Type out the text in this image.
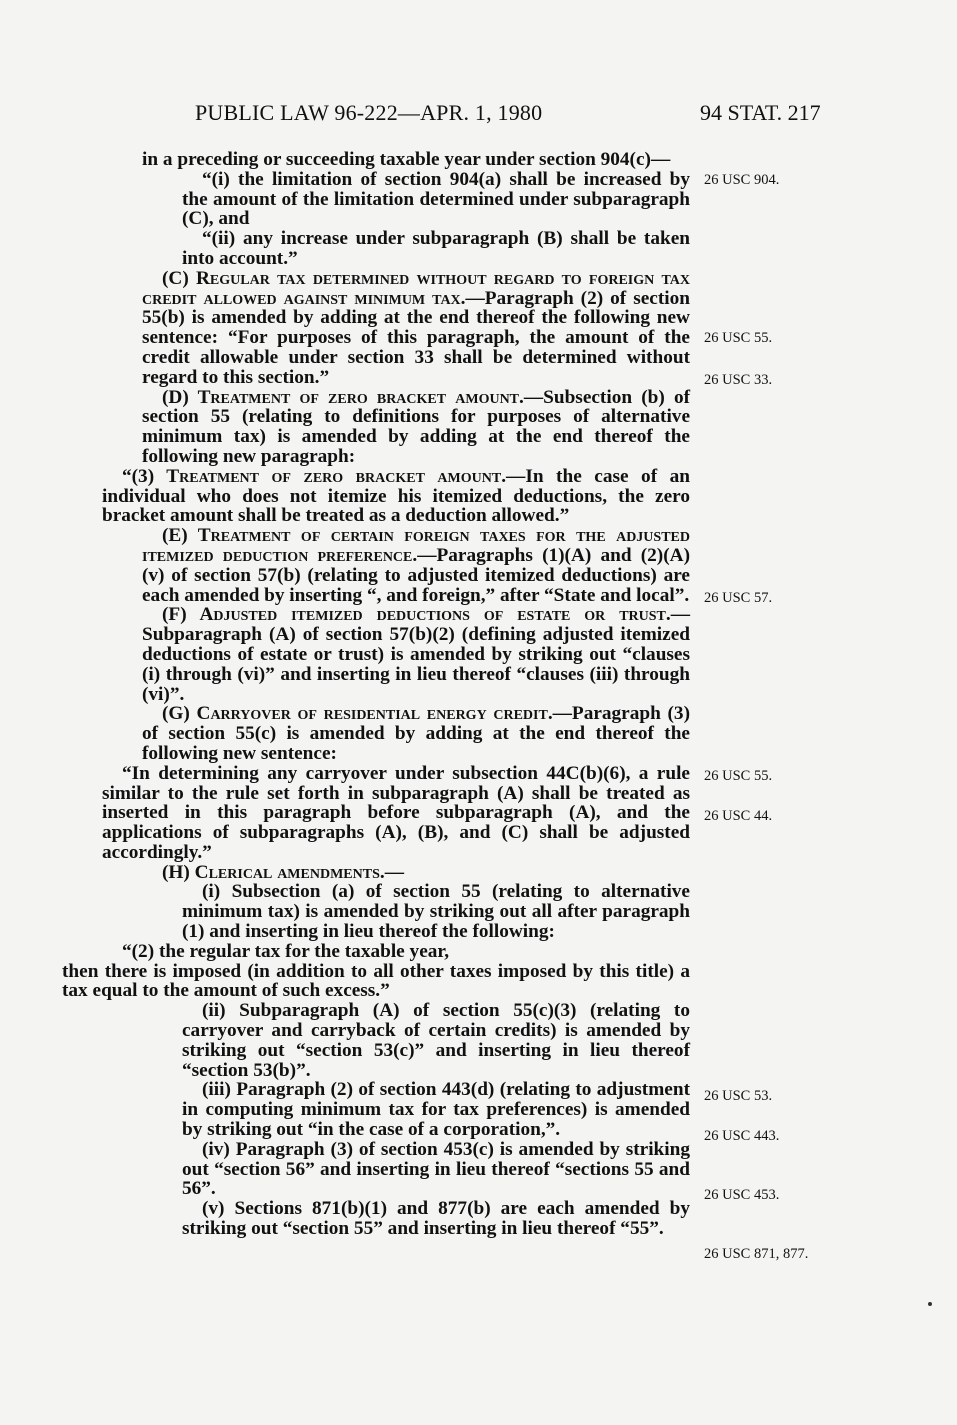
PUBLIC LAW 96-222—APR. 1, 1980	94 STAT. 217

in a preceding or succeeding taxable year under section 904(c)—

“(i) the limitation of section 904(a) shall be increased by the amount of the limitation determined under subparagraph (C), and

“(ii) any increase under subparagraph (B) shall be taken into account.”

(C) Regular tax determined without regard to foreign tax credit allowed against minimum tax.—Paragraph (2) of section 55(b) is amended by adding at the end thereof the following new sentence: “For purposes of this paragraph, the amount of the credit allowable under section 33 shall be determined without regard to this section.”

(D) Treatment of zero bracket amount.—Subsection (b) of section 55 (relating to definitions for purposes of alternative minimum tax) is amended by adding at the end thereof the following new paragraph:

“(3) Treatment of zero bracket amount.—In the case of an individual who does not itemize his itemized deductions, the zero bracket amount shall be treated as a deduction allowed.”

(E) Treatment of certain foreign taxes for the adjusted itemized deduction preference.—Paragraphs (1)(A) and (2)(A)(v) of section 57(b) (relating to adjusted itemized deductions) are each amended by inserting “, and foreign,” after “State and local”.

(F) Adjusted itemized deductions of estate or trust.—Subparagraph (A) of section 57(b)(2) (defining adjusted itemized deductions of estate or trust) is amended by striking out “clauses (i) through (vi)” and inserting in lieu thereof “clauses (iii) through (vi)”.

(G) Carryover of residential energy credit.—Paragraph (3) of section 55(c) is amended by adding at the end thereof the following new sentence:

“In determining any carryover under subsection 44C(b)(6), a rule similar to the rule set forth in subparagraph (A) shall be treated as inserted in this paragraph before subparagraph (A), and the applications of subparagraphs (A), (B), and (C) shall be adjusted accordingly.”

(H) Clerical amendments.—

(i) Subsection (a) of section 55 (relating to alternative minimum tax) is amended by striking out all after paragraph (1) and inserting in lieu thereof the following:

“(2) the regular tax for the taxable year,

then there is imposed (in addition to all other taxes imposed by this title) a tax equal to the amount of such excess.”

(ii) Subparagraph (A) of section 55(c)(3) (relating to carryover and carryback of certain credits) is amended by striking out “section 53(c)” and inserting in lieu thereof “section 53(b)”.

(iii) Paragraph (2) of section 443(d) (relating to adjustment in computing minimum tax for tax preferences) is amended by striking out “in the case of a corporation,”.

(iv) Paragraph (3) of section 453(c) is amended by striking out “section 56” and inserting in lieu thereof “sections 55 and 56”.

(v) Sections 871(b)(1) and 877(b) are each amended by striking out “section 55” and inserting in lieu thereof “55”.

26 USC 904.
26 USC 55.
26 USC 33.
26 USC 57.
26 USC 55.
26 USC 44.
26 USC 53.
26 USC 443.
26 USC 453.
26 USC 871, 877.
